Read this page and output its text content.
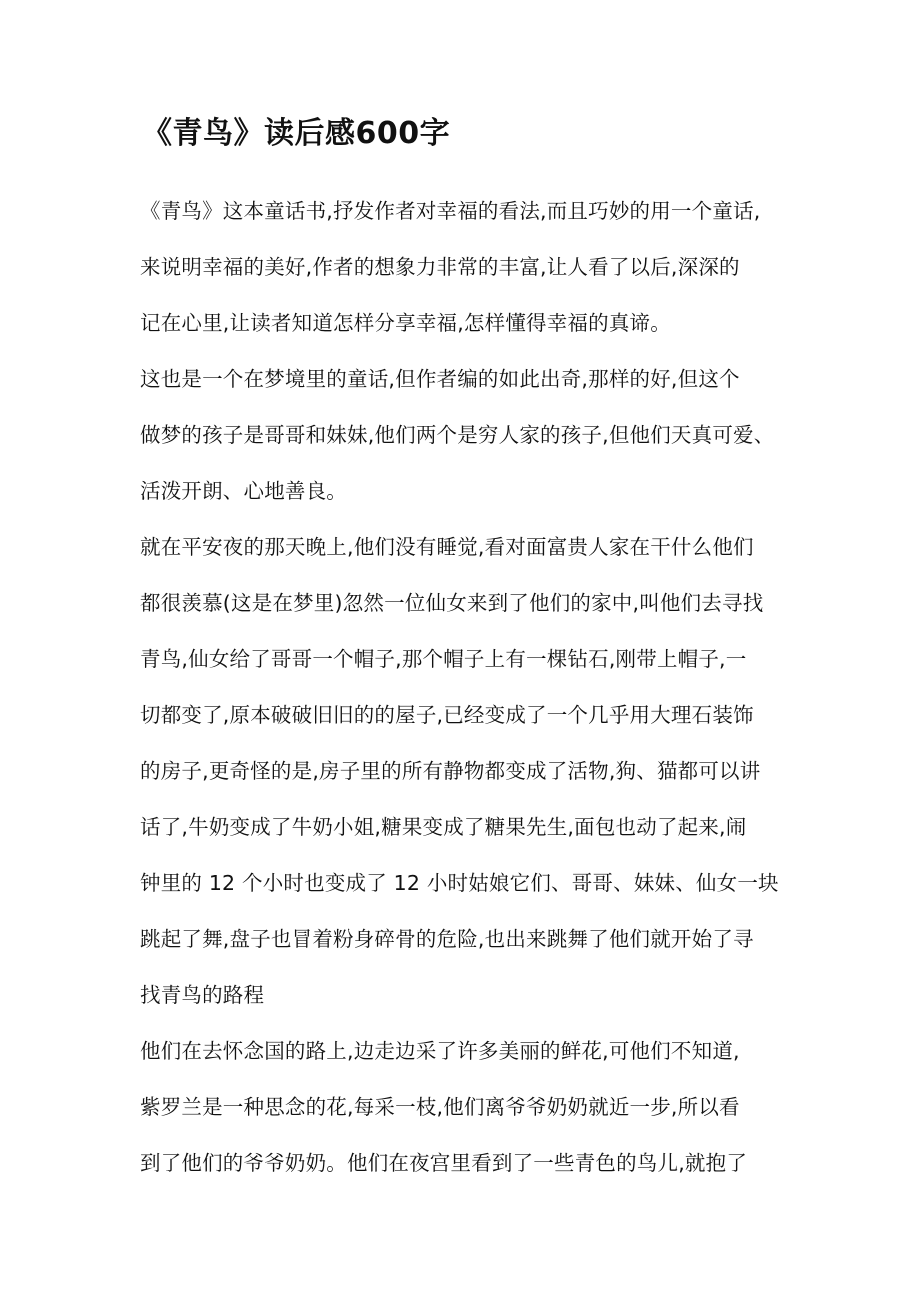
《青鸟》读后感600字

《青鸟》这本童话书,抒发作者对幸福的看法,而且巧妙的用一个童话,

来说明幸福的美好,作者的想象力非常的丰富,让人看了以后,深深的

记在心里,让读者知道怎样分享幸福,怎样懂得幸福的真谛。

这也是一个在梦境里的童话,但作者编的如此出奇,那样的好,但这个

做梦的孩子是哥哥和妹妹,他们两个是穷人家的孩子,但他们天真可爱、

活泼开朗、心地善良。

就在平安夜的那天晚上,他们没有睡觉,看对面富贵人家在干什么他们

都很羡慕(这是在梦里)忽然一位仙女来到了他们的家中,叫他们去寻找

青鸟,仙女给了哥哥一个帽子,那个帽子上有一棵钻石,刚带上帽子,一

切都变了,原本破破旧旧的的屋子,已经变成了一个几乎用大理石装饰

的房子,更奇怪的是,房子里的所有静物都变成了活物,狗、猫都可以讲

话了,牛奶变成了牛奶小姐,糖果变成了糖果先生,面包也动了起来,闹

钟里的 12 个小时也变成了 12 小时姑娘它们、哥哥、妹妹、仙女一块

跳起了舞,盘子也冒着粉身碎骨的危险,也出来跳舞了他们就开始了寻

找青鸟的路程

他们在去怀念国的路上,边走边采了许多美丽的鲜花,可他们不知道,

紫罗兰是一种思念的花,每采一枝,他们离爷爷奶奶就近一步,所以看

到了他们的爷爷奶奶。他们在夜宫里看到了一些青色的鸟儿,就抱了
